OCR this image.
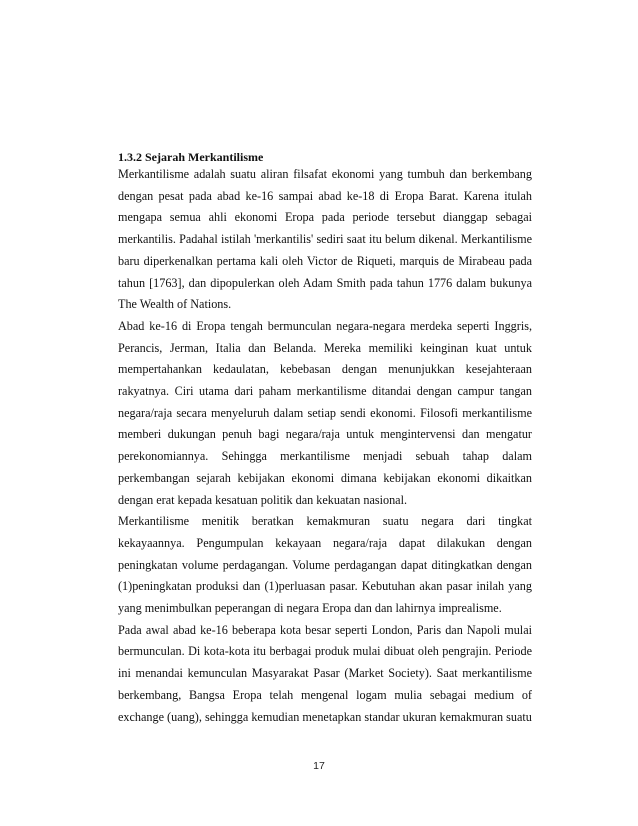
1.3.2 Sejarah Merkantilisme

Merkantilisme adalah suatu aliran filsafat ekonomi yang tumbuh dan berkembang dengan pesat pada abad ke-16 sampai abad ke-18 di Eropa Barat. Karena itulah mengapa semua ahli ekonomi Eropa pada periode tersebut dianggap sebagai merkantilis. Padahal istilah 'merkantilis' sediri saat itu belum dikenal. Merkantilisme baru diperkenalkan pertama kali oleh Victor de Riqueti, marquis de Mirabeau pada tahun [1763], dan dipopulerkan oleh Adam Smith pada tahun 1776 dalam bukunya The Wealth of Nations.

Abad ke-16 di Eropa tengah bermunculan negara-negara merdeka seperti Inggris, Perancis, Jerman, Italia dan Belanda. Mereka memiliki keinginan kuat untuk mempertahankan kedaulatan, kebebasan dengan menunjukkan kesejahteraan rakyatnya. Ciri utama dari paham merkantilisme ditandai dengan campur tangan negara/raja secara menyeluruh dalam setiap sendi ekonomi. Filosofi merkantilisme memberi dukungan penuh bagi negara/raja untuk mengintervensi dan mengatur perekonomiannya. Sehingga merkantilisme menjadi sebuah tahap dalam perkembangan sejarah kebijakan ekonomi dimana kebijakan ekonomi dikaitkan dengan erat kepada kesatuan politik dan kekuatan nasional.

Merkantilisme menitik beratkan kemakmuran suatu negara dari tingkat kekayaannya. Pengumpulan kekayaan negara/raja dapat dilakukan dengan peningkatan volume perdagangan. Volume perdagangan dapat ditingkatkan dengan (1)peningkatan produksi dan (1)perluasan pasar. Kebutuhan akan pasar inilah yang yang menimbulkan peperangan di negara Eropa dan dan lahirnya imprealisme.

Pada awal abad ke-16 beberapa kota besar seperti London, Paris dan Napoli mulai bermunculan. Di kota-kota itu berbagai produk mulai dibuat oleh pengrajin. Periode ini menandai kemunculan Masyarakat Pasar (Market Society). Saat merkantilisme berkembang, Bangsa Eropa telah mengenal logam mulia sebagai medium of exchange (uang), sehingga kemudian menetapkan standar ukuran kemakmuran suatu

17
